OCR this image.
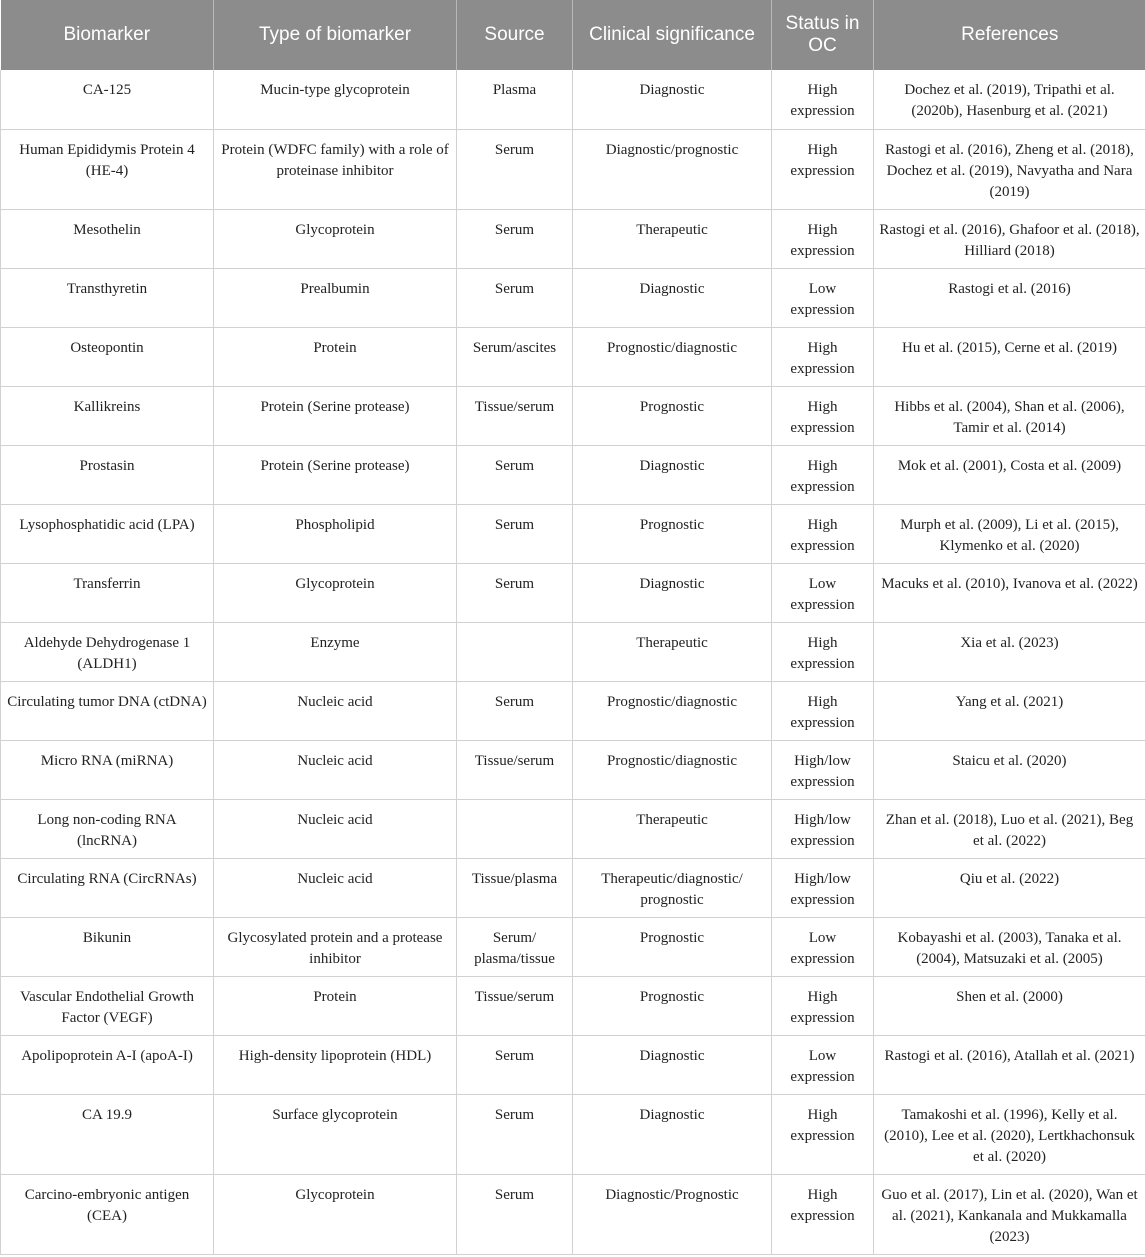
Biomarker	Type of biomarker	Source	Clinical significance	Status in OC	References
CA-125	Mucin-type glycoprotein	Plasma	Diagnostic	High expression	Dochez et al. (2019), Tripathi et al. (2020b), Hasenburg et al. (2021)
Human Epididymis Protein 4 (HE-4)	Protein (WDFC family) with a role of proteinase inhibitor	Serum	Diagnostic/prognostic	High expression	Rastogi et al. (2016), Zheng et al. (2018), Dochez et al. (2019), Navyatha and Nara (2019)
Mesothelin	Glycoprotein	Serum	Therapeutic	High expression	Rastogi et al. (2016), Ghafoor et al. (2018), Hilliard (2018)
Transthyretin	Prealbumin	Serum	Diagnostic	Low expression	Rastogi et al. (2016)
Osteopontin	Protein	Serum/ascites	Prognostic/diagnostic	High expression	Hu et al. (2015), Cerne et al. (2019)
Kallikreins	Protein (Serine protease)	Tissue/serum	Prognostic	High expression	Hibbs et al. (2004), Shan et al. (2006), Tamir et al. (2014)
Prostasin	Protein (Serine protease)	Serum	Diagnostic	High expression	Mok et al. (2001), Costa et al. (2009)
Lysophosphatidic acid (LPA)	Phospholipid	Serum	Prognostic	High expression	Murph et al. (2009), Li et al. (2015), Klymenko et al. (2020)
Transferrin	Glycoprotein	Serum	Diagnostic	Low expression	Macuks et al. (2010), Ivanova et al. (2022)
Aldehyde Dehydrogenase 1 (ALDH1)	Enzyme		Therapeutic	High expression	Xia et al. (2023)
Circulating tumor DNA (ctDNA)	Nucleic acid	Serum	Prognostic/diagnostic	High expression	Yang et al. (2021)
Micro RNA (miRNA)	Nucleic acid	Tissue/serum	Prognostic/diagnostic	High/low expression	Staicu et al. (2020)
Long non-coding RNA (lncRNA)	Nucleic acid		Therapeutic	High/low expression	Zhan et al. (2018), Luo et al. (2021), Beg et al. (2022)
Circulating RNA (CircRNAs)	Nucleic acid	Tissue/plasma	Therapeutic/diagnostic/ prognostic	High/low expression	Qiu et al. (2022)
Bikunin	Glycosylated protein and a protease inhibitor	Serum/ plasma/tissue	Prognostic	Low expression	Kobayashi et al. (2003), Tanaka et al. (2004), Matsuzaki et al. (2005)
Vascular Endothelial Growth Factor (VEGF)	Protein	Tissue/serum	Prognostic	High expression	Shen et al. (2000)
Apolipoprotein A-I (apoA-I)	High-density lipoprotein (HDL)	Serum	Diagnostic	Low expression	Rastogi et al. (2016), Atallah et al. (2021)
CA 19.9	Surface glycoprotein	Serum	Diagnostic	High expression	Tamakoshi et al. (1996), Kelly et al. (2010), Lee et al. (2020), Lertkhachonsuk et al. (2020)
Carcino-embryonic antigen (CEA)	Glycoprotein	Serum	Diagnostic/Prognostic	High expression	Guo et al. (2017), Lin et al. (2020), Wan et al. (2021), Kankanala and Mukkamalla (2023)
